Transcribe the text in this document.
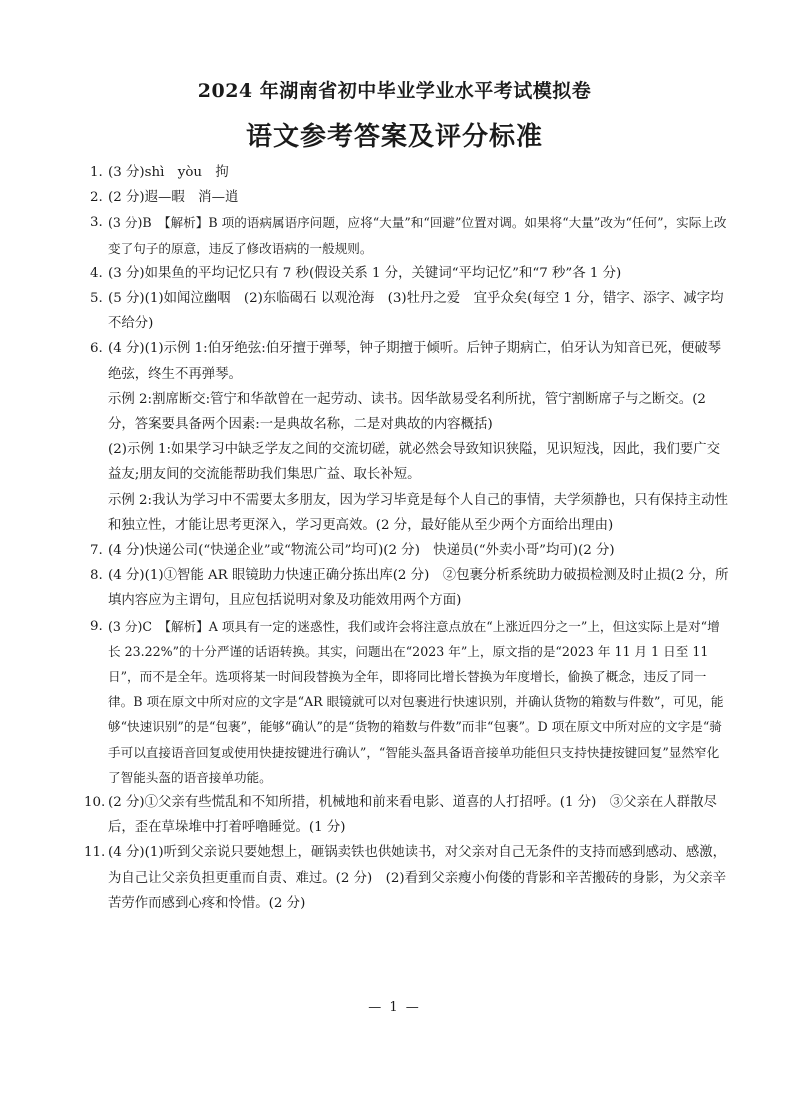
2024 年湖南省初中毕业学业水平考试模拟卷
语文参考答案及评分标准
1. (3 分)shì　yòu　拘

2. (2 分)遐—暇　消—逍

3. (3 分)B　【解析】B 项的语病属语序问题，应将“大量”和“回避”位置对调。如果将“大量”改为“任何”，实际上改变了句子的原意，违反了修改语病的一般规则。

4. (3 分)如果鱼的平均记忆只有 7 秒(假设关系 1 分，关键词“平均记忆”和“7 秒”各 1 分)

5. (5 分)(1)如闻泣幽咽　(2)东临碣石 以观沧海　(3)牡丹之爱　宜乎众矣(每空 1 分，错字、添字、减字均不给分)

6. (4 分)(1)示例 1:伯牙绝弦:伯牙擅于弹琴，钟子期擅于倾听。后钟子期病亡，伯牙认为知音已死，便破琴绝弦，终生不再弹琴。

示例 2:割席断交:管宁和华歆曾在一起劳动、读书。因华歆易受名利所扰，管宁割断席子与之断交。(2 分，答案要具备两个因素:一是典故名称，二是对典故的内容概括)

(2)示例 1:如果学习中缺乏学友之间的交流切磋，就必然会导致知识狭隘，见识短浅，因此，我们要广交益友;朋友间的交流能帮助我们集思广益、取长补短。

示例 2:我认为学习中不需要太多朋友，因为学习毕竟是每个人自己的事情，夫学须静也，只有保持主动性和独立性，才能让思考更深入，学习更高效。(2 分，最好能从至少两个方面给出理由)

7. (4 分)快递公司(“快递企业”或“物流公司”均可)(2 分)　快递员(“外卖小哥”均可)(2 分)

8. (4 分)(1)①智能 AR 眼镜助力快速正确分拣出库(2 分)　②包裹分析系统助力破损检测及时止损(2 分，所填内容应为主谓句，且应包括说明对象及功能效用两个方面)

9. (3 分)C　【解析】A 项具有一定的迷惑性，我们或许会将注意点放在“上涨近四分之一”上，但这实际上是对“增长 23.22%”的十分严谨的话语转换。其实，问题出在“2023 年”上，原文指的是“2023 年 11 月 1 日至 11 日”，而不是全年。选项将某一时间段替换为全年，即将同比增长替换为年度增长，偷换了概念，违反了同一律。B 项在原文中所对应的文字是“AR 眼镜就可以对包裹进行快速识别，并确认货物的箱数与件数”，可见，能够“快速识别”的是“包裹”，能够“确认”的是“货物的箱数与件数”而非“包裹”。D 项在原文中所对应的文字是“骑手可以直接语音回复或使用快捷按键进行确认”，“智能头盔具备语音接单功能但只支持快捷按键回复”显然窄化了智能头盔的语音接单功能。

10. (2 分)①父亲有些慌乱和不知所措，机械地和前来看电影、道喜的人打招呼。(1 分)　③父亲在人群散尽后，歪在草垛堆中打着呼噜睡觉。(1 分)

11. (4 分)(1)听到父亲说只要她想上，砸锅卖铁也供她读书，对父亲对自己无条件的支持而感到感动、感激，为自己让父亲负担更重而自责、难过。(2 分)　(2)看到父亲瘦小佝偻的背影和辛苦搬砖的身影，为父亲辛苦劳作而感到心疼和怜惜。(2 分)

— 1 —
